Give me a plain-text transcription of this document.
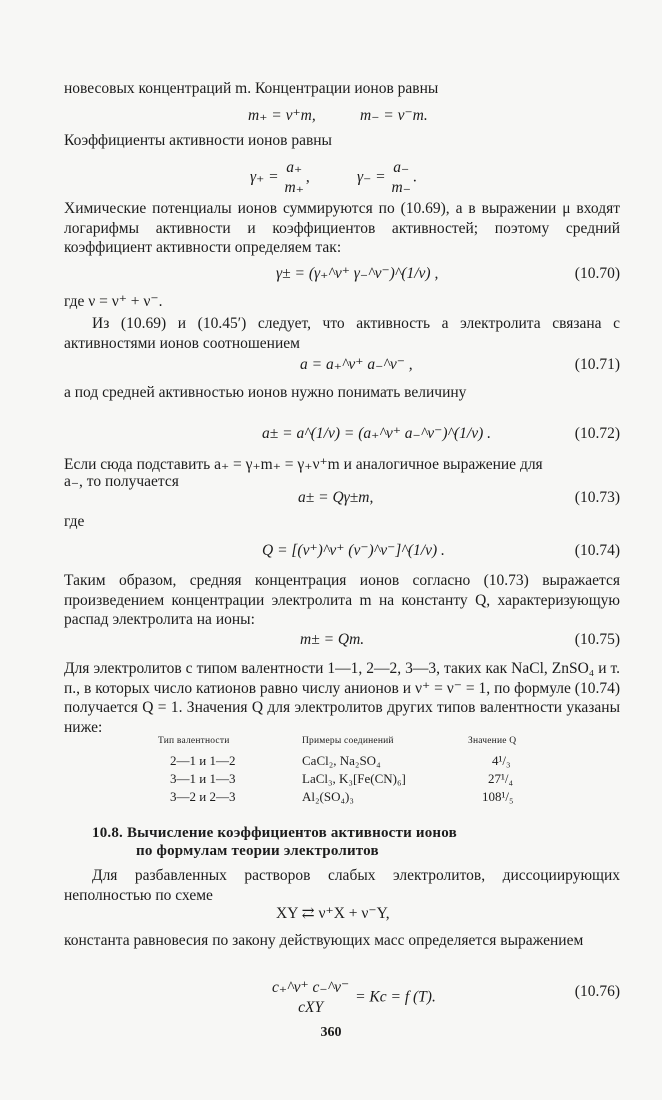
новесовых концентраций m. Концентрации ионов равны
m₊ = ν⁺m,	m₋ = ν⁻m.
Коэффициенты активности ионов равны
γ₊ =
a₊
m₊
,	γ₋ =
a₋
m₋
.
Химические потенциалы ионов суммируются по (10.69), а в выражении μ входят логарифмы активности и коэффициентов активностей; поэтому средний коэффициент активности определяем так:
γ± = (γ₊^ν⁺ γ₋^ν⁻)^(1/ν) ,	(10.70)
где ν = ν⁺ + ν⁻.
Из (10.69) и (10.45′) следует, что активность a электролита связана с активностями ионов соотношением
a = a₊^ν⁺ a₋^ν⁻ ,	(10.71)
а под средней активностью ионов нужно понимать величину
a± = a^(1/ν) = (a₊^ν⁺ a₋^ν⁻)^(1/ν) .	(10.72)
Если сюда подставить a₊ = γ₊m₊ = γ₊ν⁺m и аналогичное выражение для
a₋, то получается
a± = Qγ±m,	(10.73)
где
Q = [(ν⁺)^ν⁺ (ν⁻)^ν⁻]^(1/ν) .	(10.74)
Таким образом, средняя концентрация ионов согласно (10.73) выражается произведением концентрации электролита m на константу Q, характеризующую распад электролита на ионы:
m± = Qm.	(10.75)
Для электролитов с типом валентности 1—1, 2—2, 3—3, таких как NaCl, ZnSO₄ и т. п., в которых число катионов равно числу анионов и ν⁺ = ν⁻ = 1, по формуле (10.74) получается Q = 1. Значения Q для электролитов других типов валентности указаны ниже:
Тип валентности	Примеры соединений	Значение Q
2—1 и 1—2	CaCl₂, Na₂SO₄	4¹/₃
3—1 и 1—3	LaCl₃, K₃[Fe(CN)₆]	27¹/₄
3—2 и 2—3	Al₂(SO₄)₃	108¹/₅
10.8. Вычисление коэффициентов активности ионов
по формулам теории электролитов
Для разбавленных растворов слабых электролитов, диссоциирующих неполностью по схеме
XY ⇄ ν⁺X + ν⁻Y,
константа равновесия по закону действующих масс определяется выражением
c₊^ν⁺ c₋^ν⁻
cXY
= Kc = f (T).	(10.76)
360
